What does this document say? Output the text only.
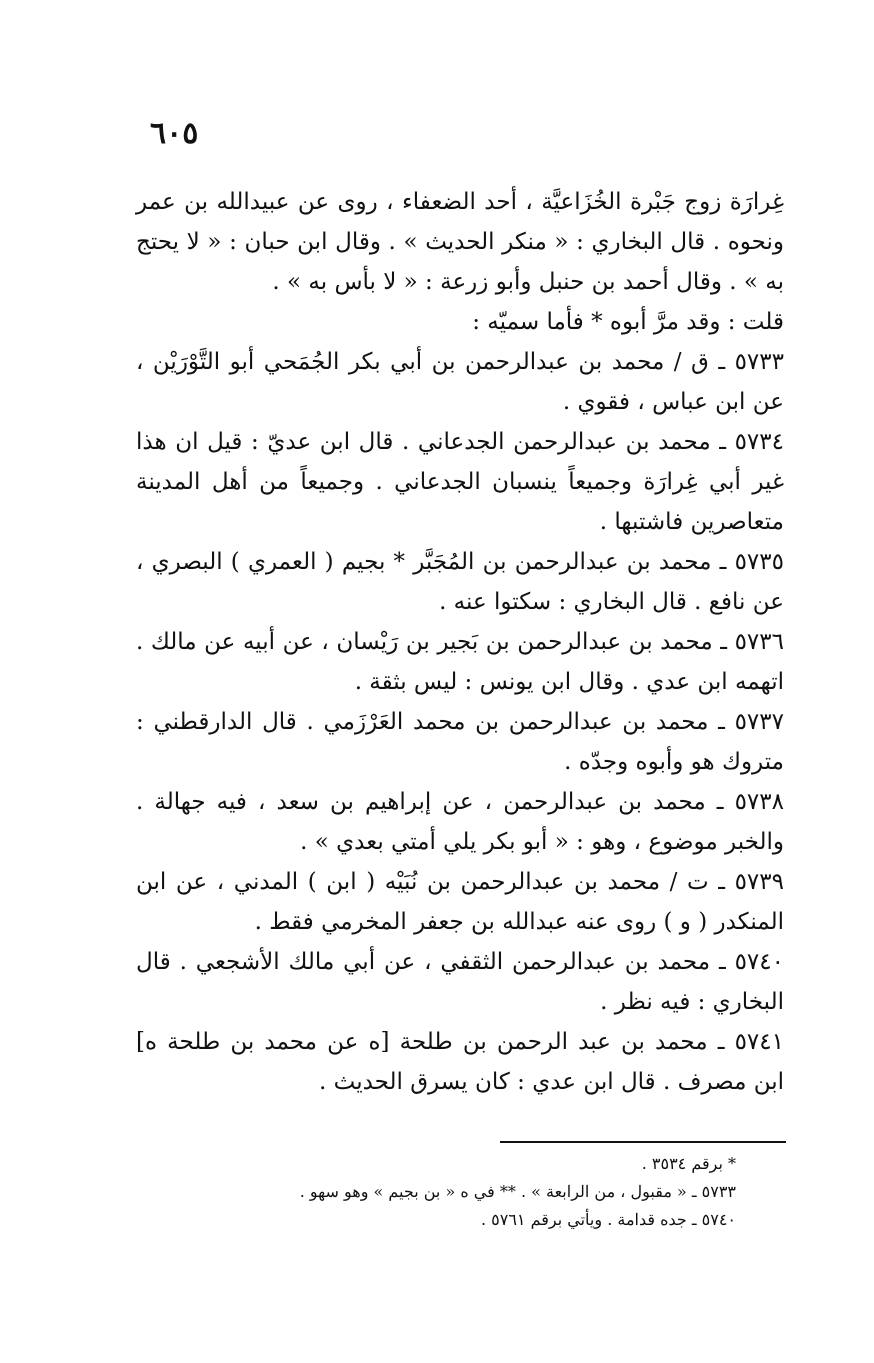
٦٠٥

غِرارَة زوج جَبْرة الخُزَاعيَّة ، أحد الضعفاء ، روى عن عبيدالله بن عمر ونحوه . قال البخاري : « منكر الحديث » . وقال ابن حبان : « لا يحتج به » . وقال أحمد بن حنبل وأبو زرعة : « لا بأس به » .

قلت : وقد مرَّ أبوه * فأما سميّه :

٥٧٣٣ ـ ق / محمد بن عبدالرحمن بن أبي بكر الجُمَحي أبو التَّوْرَيْن ، عن ابن عباس ، فقوي .

٥٧٣٤ ـ محمد بن عبدالرحمن الجدعاني . قال ابن عديّ : قيل ان هذا غير أبي غِرارَة وجميعاً ينسبان الجدعاني . وجميعاً من أهل المدينة متعاصرين فاشتبها .

٥٧٣٥ ـ محمد بن عبدالرحمن بن المُجَبَّر * بجيم ( العمري ) البصري ، عن نافع . قال البخاري : سكتوا عنه .

٥٧٣٦ ـ محمد بن عبدالرحمن بن بَجير بن رَيْسان ، عن أبيه عن مالك . اتهمه ابن عدي . وقال ابن يونس : ليس بثقة .

٥٧٣٧ ـ محمد بن عبدالرحمن بن محمد العَرْزَمي . قال الدارقطني : متروك هو وأبوه وجدّه .

٥٧٣٨ ـ محمد بن عبدالرحمن ، عن إبراهيم بن سعد ، فيه جهالة . والخبر موضوع ، وهو : « أبو بكر يلي أمتي بعدي » .

٥٧٣٩ ـ ت / محمد بن عبدالرحمن بن نُبَيْه ( ابن ) المدني ، عن ابن المنكدر ( و ) روى عنه عبدالله بن جعفر المخرمي فقط .

٥٧٤٠ ـ محمد بن عبدالرحمن الثقفي ، عن أبي مالك الأشجعي . قال البخاري : فيه نظر .

٥٧٤١ ـ محمد بن عبد الرحمن بن طلحة [ه عن محمد بن طلحة ه] ابن مصرف . قال ابن عدي : كان يسرق الحديث .

* برقم ٣٥٣٤ .

٥٧٣٣ ـ « مقبول ، من الرابعة » . ** في ه « بن بجيم » وهو سهو .

٥٧٤٠ ـ جده قدامة . ويأتي برقم ٥٧٦١ .
